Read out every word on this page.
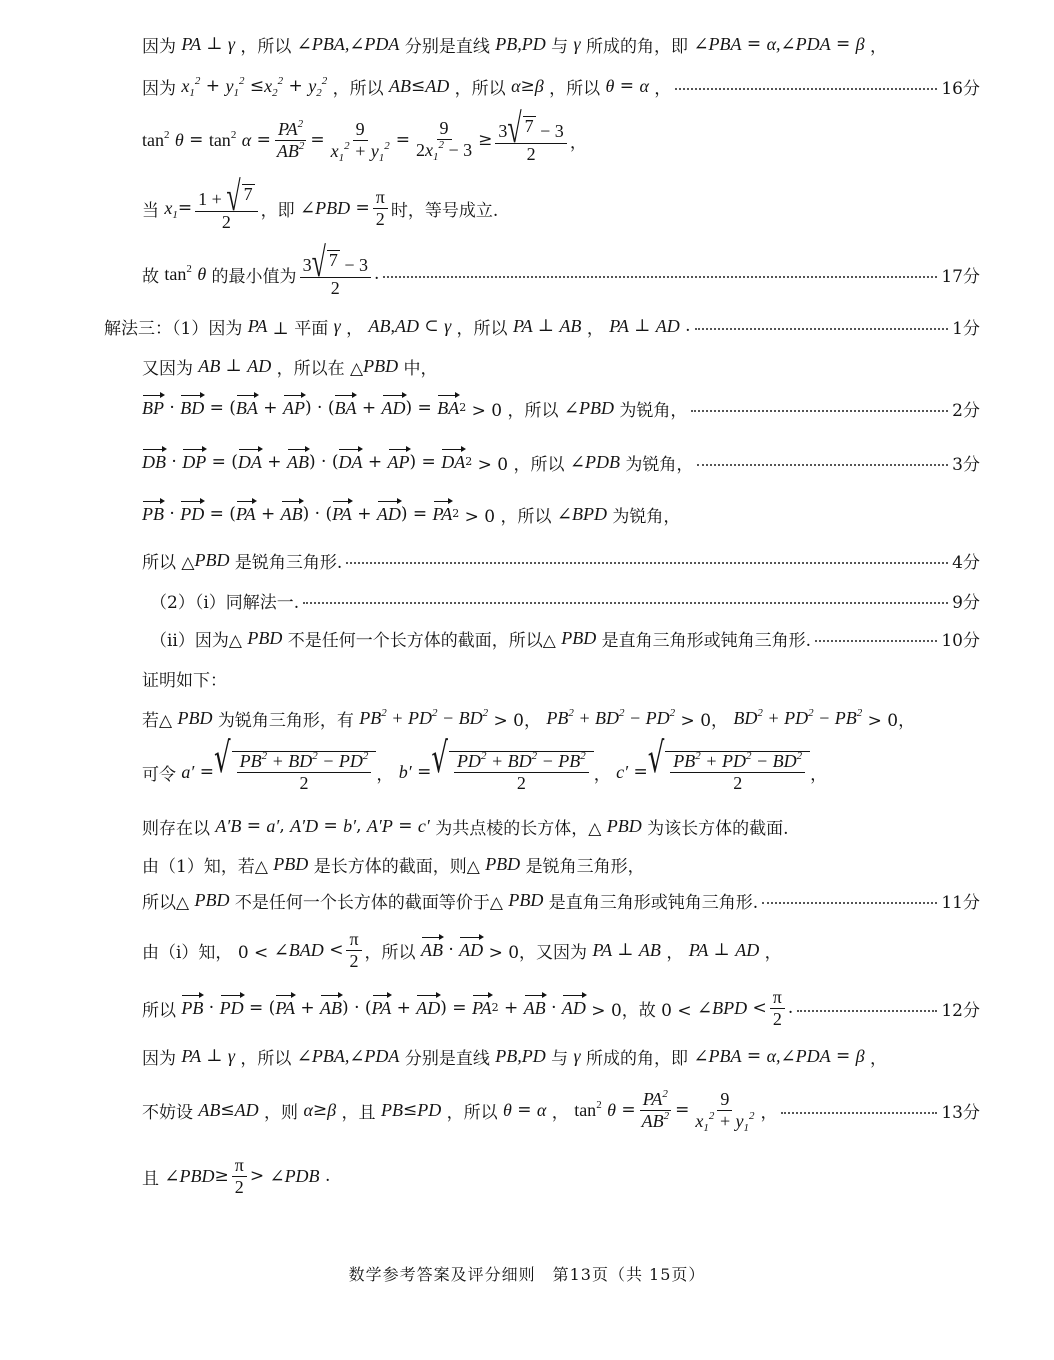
因为 PA ⊥ γ ，所以 ∠PBA,∠PDA 分别是直线 PB,PD 与 γ 所成的角，即 ∠PBA = α,∠PDA = β ，
因为 $x_1^2 + y_1^2 \le x_2^2 + y_2^2$ ，所以 AB ≤ AD ，所以 α ≥ β ，所以 θ = α ，	16分
$\tan^2$
$\theta = \tan^2$
$\alpha = \frac{PA^2}{AB^2} = \frac{9}{x_1^2 + y_1^2} = \frac{9}{2x_1^2 - 3} \ge \frac{3 √ 7 - 3}{2}$ ，
当 $x_1 = \frac{1 + √ 7}{2}$ ，即 ∠PBD = $\frac{\pi}{2}$ 时，等号成立.
故 $\tan^2$
θ 的最小值为 $\frac{3 √ 7 - 3}{2}$ .	17分
解法三：（1）因为 PA ⊥ 平面 γ ， AB,AD ⊂ γ ，所以 PA ⊥ AB ， PA ⊥ AD .	1分
又因为 AB ⊥ AD ，所以在 △ PBD 中，
BP · BD = ( BA + AP ) · ( BA + AD ) = BA 2 > 0 ，所以 ∠PBD 为锐角，	2分
DB · DP = ( DA + AB ) · ( DA + AP ) = DA 2 > 0 ，所以 ∠PDB 为锐角，	3分
PB · PD = ( PA + AB ) · ( PA + AD ) = PA 2 > 0 ，所以 ∠BPD 为锐角，
所以 △ PBD 是锐角三角形.	4分
（2）（i）同解法一.	9分
（ii）因为△ PBD 不是任何一个长方体的截面，所以△ PBD 是直角三角形或钝角三角形.	10分
证明如下：
若△ PBD 为锐角三角形，有 $PB^2 + PD^2 - BD^2 > 0$， $PB^2 + BD^2 - PD^2 > 0$， $BD^2 + PD^2 - PB^2 > 0$，
可令 a′ = √ $\frac{PB^2 + BD^2 - PD^2}{2}$ ， b′ = √ $\frac{PD^2 + BD^2 - PB^2}{2}$ ， c′ = √ $\frac{PB^2 + PD^2 - BD^2}{2}$ ，
则存在以 A′B = a′ , A′D = b′ , A′P = c′ 为共点棱的长方体，△ PBD 为该长方体的截面.
由（1）知，若△ PBD 是长方体的截面，则△ PBD 是锐角三角形，
所以△ PBD 不是任何一个长方体的截面等价于△ PBD 是直角三角形或钝角三角形.	11分
由（i）知， 0 < ∠BAD < $\frac{\pi}{2}$ ，所以 AB · AD > 0，又因为 PA ⊥ AB ， PA ⊥ AD ，
所以 PB · PD = ( PA + AB ) · ( PA + AD ) = PA 2 + AB · AD > 0，故 0 < ∠BPD < $\frac{\pi}{2}$ .	12分
因为 PA ⊥ γ ，所以 ∠PBA,∠PDA 分别是直线 PB,PD 与 γ 所成的角，即 ∠PBA = α,∠PDA = β ，
不妨设 AB ≤ AD ，则 α ≥ β ，且 PB ≤ PD ，所以 θ = α ， $\tan^2$
$\theta = \frac{PA^2}{AB^2} = \frac{9}{x_1^2 + y_1^2}$ ，	13分
且 ∠PBD ≥ $\frac{\pi}{2}$ > ∠PDB .
数学参考答案及评分细则　第13页（共 15页）
